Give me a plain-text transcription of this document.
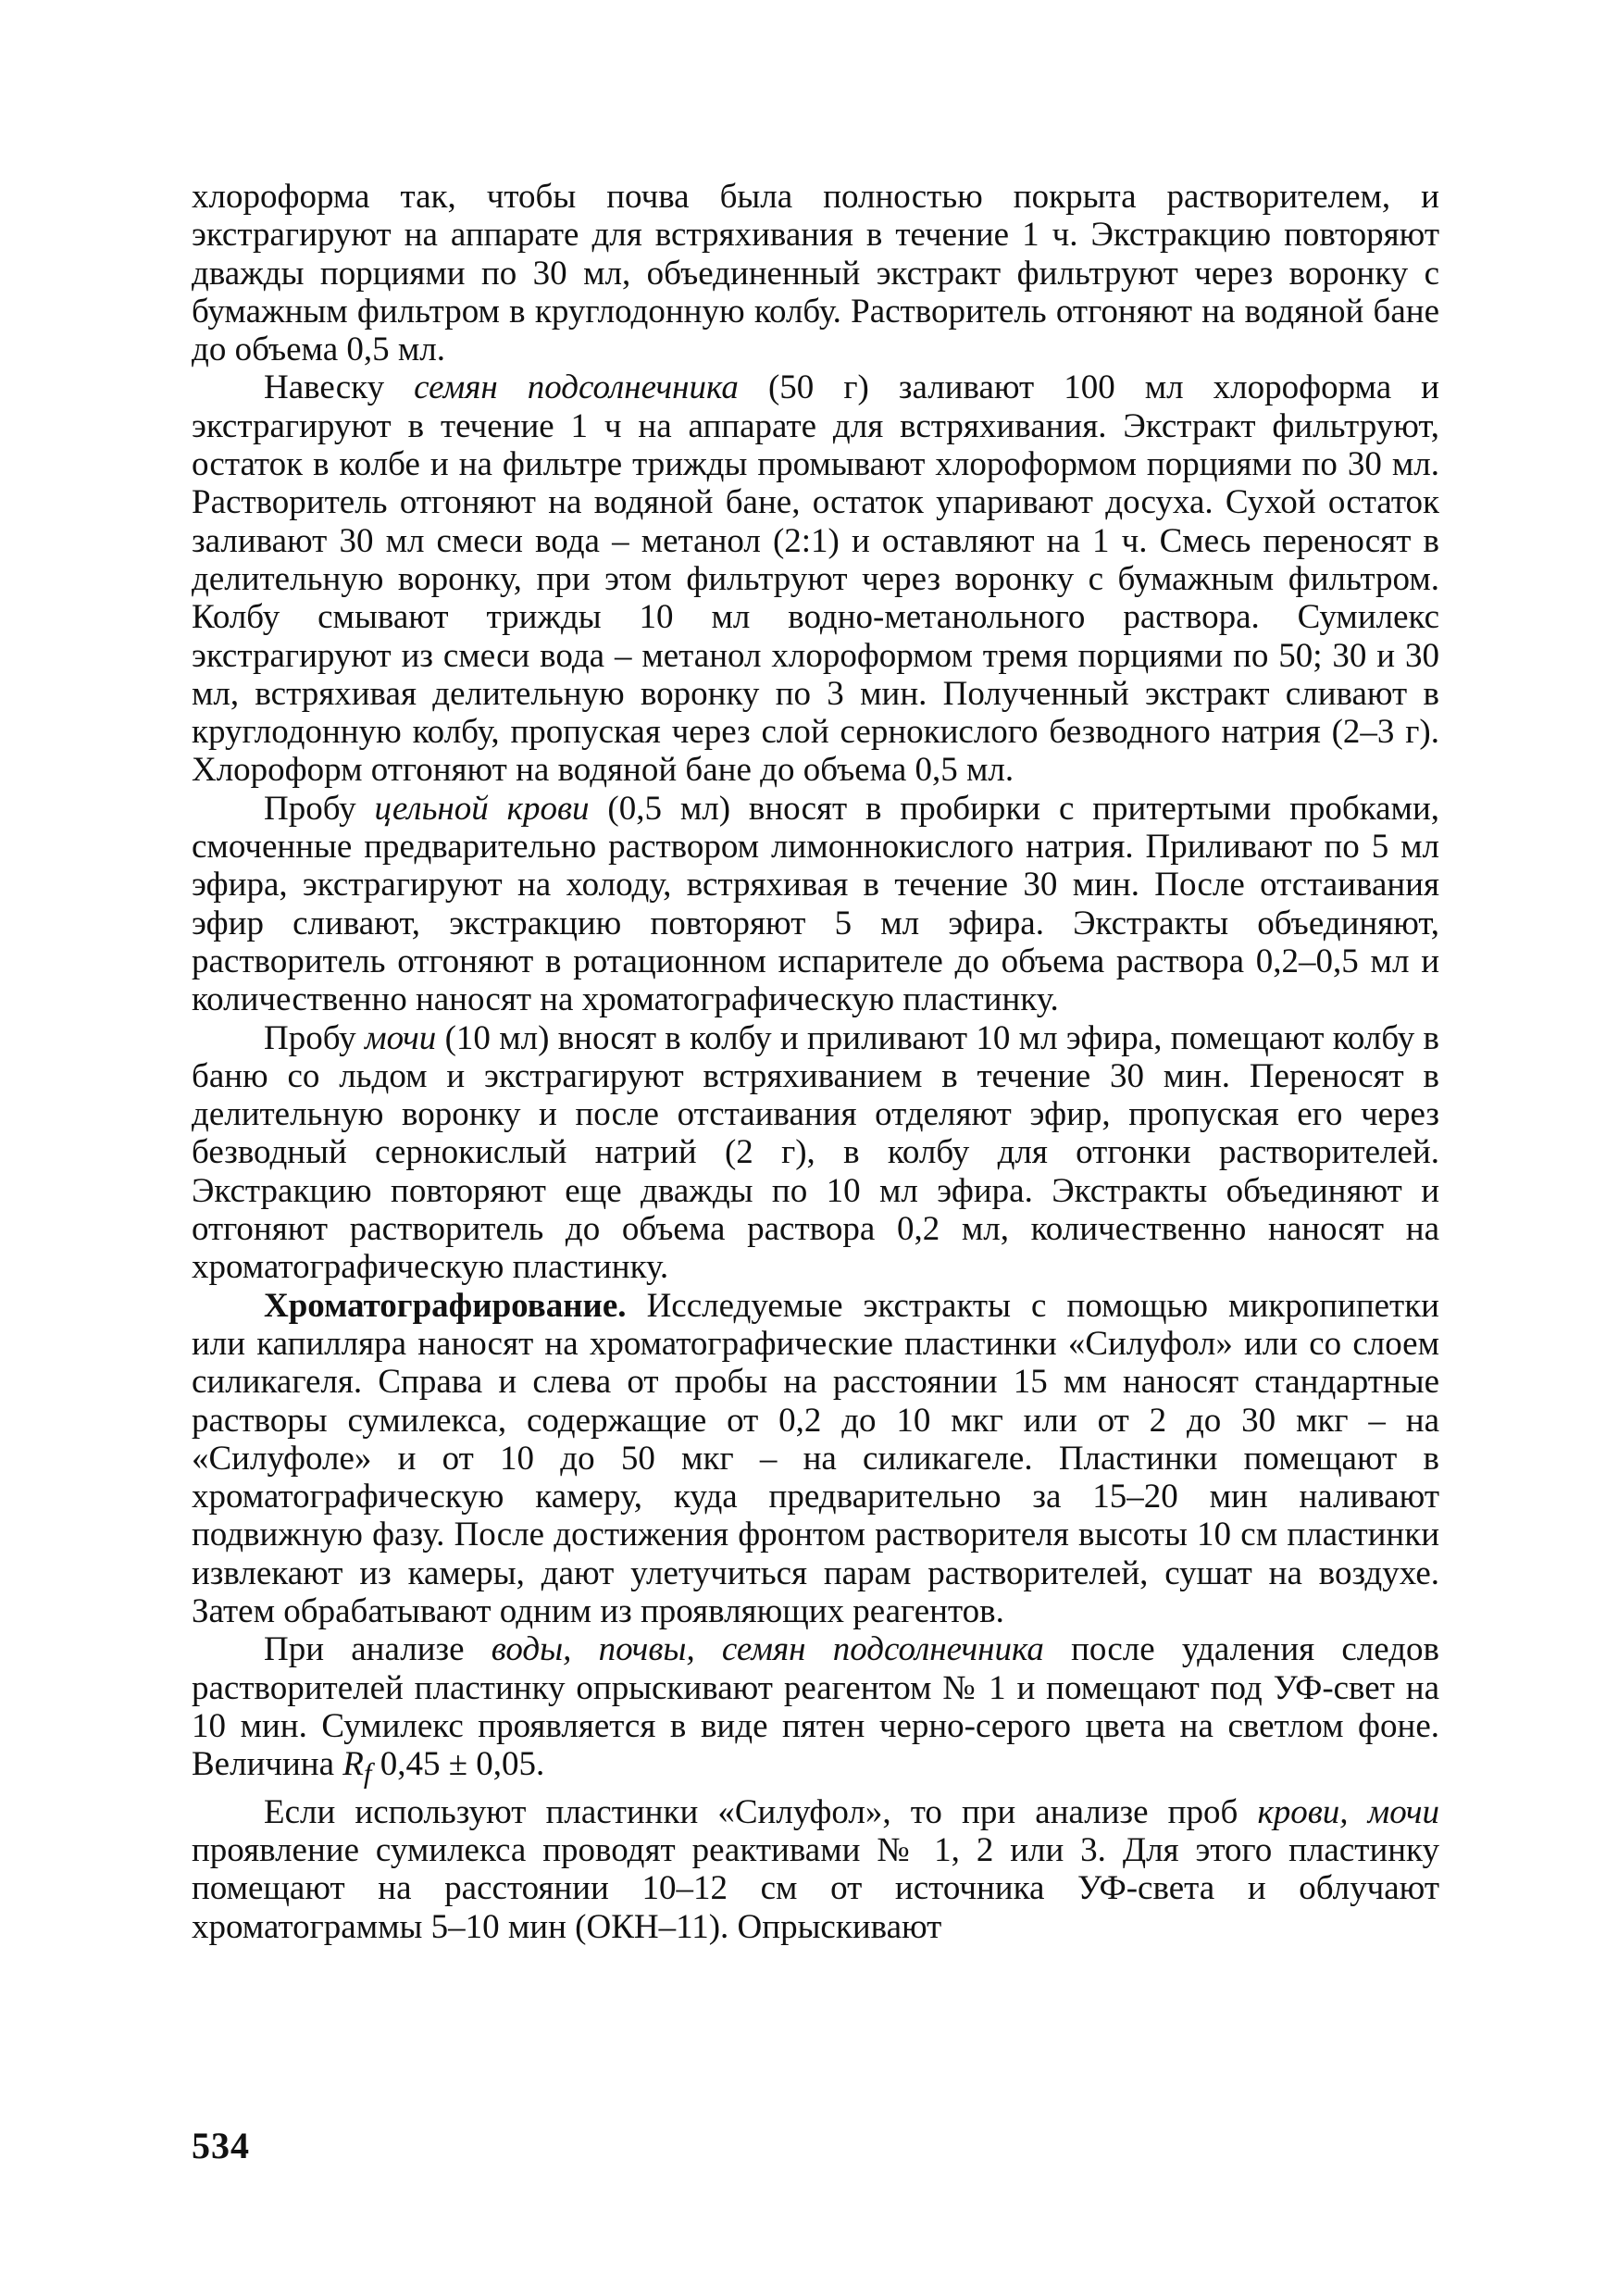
хлороформа так, чтобы почва была полностью покрыта растворителем, и экстрагируют на аппарате для встряхивания в течение 1 ч. Экстракцию повторяют дважды порциями по 30 мл, объединенный экстракт фильтруют через воронку с бумажным фильтром в круглодонную колбу. Растворитель отгоняют на водяной бане до объема 0,5 мл.

Навеску семян подсолнечника (50 г) заливают 100 мл хлороформа и экстрагируют в течение 1 ч на аппарате для встряхивания. Экстракт фильтруют, остаток в колбе и на фильтре трижды промывают хлороформом порциями по 30 мл. Растворитель отгоняют на водяной бане, остаток упаривают досуха. Сухой остаток заливают 30 мл смеси вода – метанол (2:1) и оставляют на 1 ч. Смесь переносят в делительную воронку, при этом фильтруют через воронку с бумажным фильтром. Колбу смывают трижды 10 мл водно-метанольного раствора. Сумилекс экстрагируют из смеси вода – метанол хлороформом тремя порциями по 50; 30 и 30 мл, встряхивая делительную воронку по 3 мин. Полученный экстракт сливают в круглодонную колбу, пропуская через слой сернокислого безводного натрия (2–3 г). Хлороформ отгоняют на водяной бане до объема 0,5 мл.

Пробу цельной крови (0,5 мл) вносят в пробирки с притертыми пробками, смоченные предварительно раствором лимоннокислого натрия. Приливают по 5 мл эфира, экстрагируют на холоду, встряхивая в течение 30 мин. После отстаивания эфир сливают, экстракцию повторяют 5 мл эфира. Экстракты объединяют, растворитель отгоняют в ротационном испарителе до объема раствора 0,2–0,5 мл и количественно наносят на хроматографическую пластинку.

Пробу мочи (10 мл) вносят в колбу и приливают 10 мл эфира, помещают колбу в баню со льдом и экстрагируют встряхиванием в течение 30 мин. Переносят в делительную воронку и после отстаивания отделяют эфир, пропуская его через безводный сернокислый натрий (2 г), в колбу для отгонки растворителей. Экстракцию повторяют еще дважды по 10 мл эфира. Экстракты объединяют и отгоняют растворитель до объема раствора 0,2 мл, количественно наносят на хроматографическую пластинку.

Хроматографирование. Исследуемые экстракты с помощью микропипетки или капилляра наносят на хроматографические пластинки «Силуфол» или со слоем силикагеля. Справа и слева от пробы на расстоянии 15 мм наносят стандартные растворы сумилекса, содержащие от 0,2 до 10 мкг или от 2 до 30 мкг – на «Силуфоле» и от 10 до 50 мкг – на силикагеле. Пластинки помещают в хроматографическую камеру, куда предварительно за 15–20 мин наливают подвижную фазу. После достижения фронтом растворителя высоты 10 см пластинки извлекают из камеры, дают улетучиться парам растворителей, сушат на воздухе. Затем обрабатывают одним из проявляющих реагентов.

При анализе воды, почвы, семян подсолнечника после удаления следов растворителей пластинку опрыскивают реагентом № 1 и помещают под УФ-свет на 10 мин. Сумилекс проявляется в виде пятен черно-серого цвета на светлом фоне. Величина $R_f$ 0,45 ± 0,05.

Если используют пластинки «Силуфол», то при анализе проб крови, мочи проявление сумилекса проводят реактивами № 1, 2 или 3. Для этого пластинку помещают на расстоянии 10–12 см от источника УФ-света и облучают хроматограммы 5–10 мин (ОКН–11). Опрыскивают

534
